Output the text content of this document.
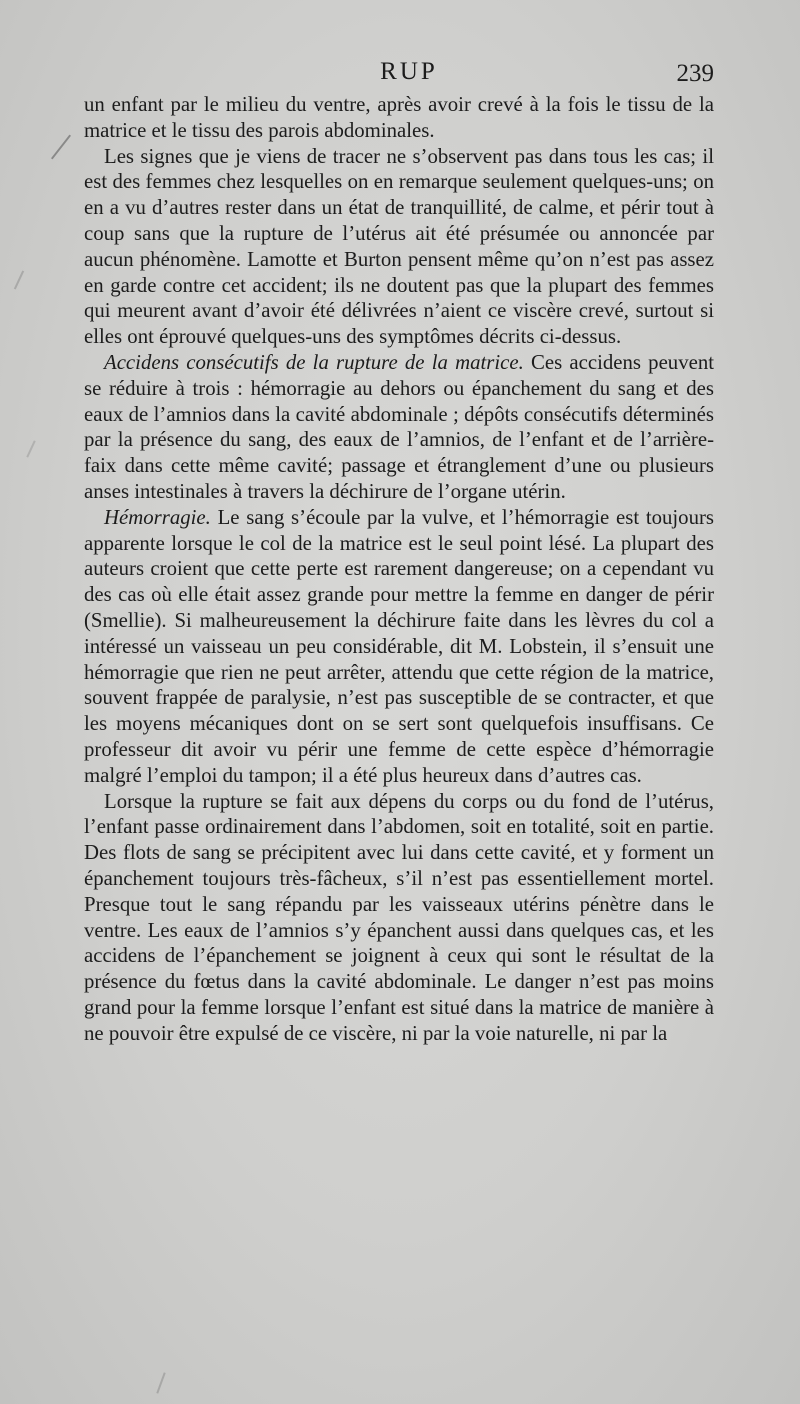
RUP	239

un enfant par le milieu du ventre, après avoir crevé à la fois le tissu de la matrice et le tissu des parois abdominales.

Les signes que je viens de tracer ne s’observent pas dans tous les cas; il est des femmes chez lesquelles on en remarque seulement quelques-uns; on en a vu d’autres rester dans un état de tranquillité, de calme, et périr tout à coup sans que la rupture de l’utérus ait été présumée ou annoncée par aucun phénomène. Lamotte et Burton pensent même qu’on n’est pas assez en garde contre cet accident; ils ne doutent pas que la plupart des femmes qui meurent avant d’avoir été délivrées n’aient ce viscère crevé, surtout si elles ont éprouvé quelques-uns des symptômes décrits ci-dessus.

Accidens consécutifs de la rupture de la matrice. Ces accidens peuvent se réduire à trois : hémorragie au dehors ou épanchement du sang et des eaux de l’amnios dans la cavité abdominale ; dépôts consécutifs déterminés par la présence du sang, des eaux de l’amnios, de l’enfant et de l’arrière-faix dans cette même cavité; passage et étranglement d’une ou plusieurs anses intestinales à travers la déchirure de l’organe utérin.

Hémorragie. Le sang s’écoule par la vulve, et l’hémorragie est toujours apparente lorsque le col de la matrice est le seul point lésé. La plupart des auteurs croient que cette perte est rarement dangereuse; on a cependant vu des cas où elle était assez grande pour mettre la femme en danger de périr (Smellie). Si malheureusement la déchirure faite dans les lèvres du col a intéressé un vaisseau un peu considérable, dit M. Lobstein, il s’ensuit une hémorragie que rien ne peut arrêter, attendu que cette région de la matrice, souvent frappée de paralysie, n’est pas susceptible de se contracter, et que les moyens mécaniques dont on se sert sont quelquefois insuffisans. Ce professeur dit avoir vu périr une femme de cette espèce d’hémorragie malgré l’emploi du tampon; il a été plus heureux dans d’autres cas.

Lorsque la rupture se fait aux dépens du corps ou du fond de l’utérus, l’enfant passe ordinairement dans l’abdomen, soit en totalité, soit en partie. Des flots de sang se précipitent avec lui dans cette cavité, et y forment un épanchement toujours très-fâcheux, s’il n’est pas essentiellement mortel. Presque tout le sang répandu par les vaisseaux utérins pénètre dans le ventre. Les eaux de l’amnios s’y épanchent aussi dans quelques cas, et les accidens de l’épanchement se joignent à ceux qui sont le résultat de la présence du fœtus dans la cavité abdominale. Le danger n’est pas moins grand pour la femme lorsque l’enfant est situé dans la matrice de manière à ne pouvoir être expulsé de ce viscère, ni par la voie naturelle, ni par la
